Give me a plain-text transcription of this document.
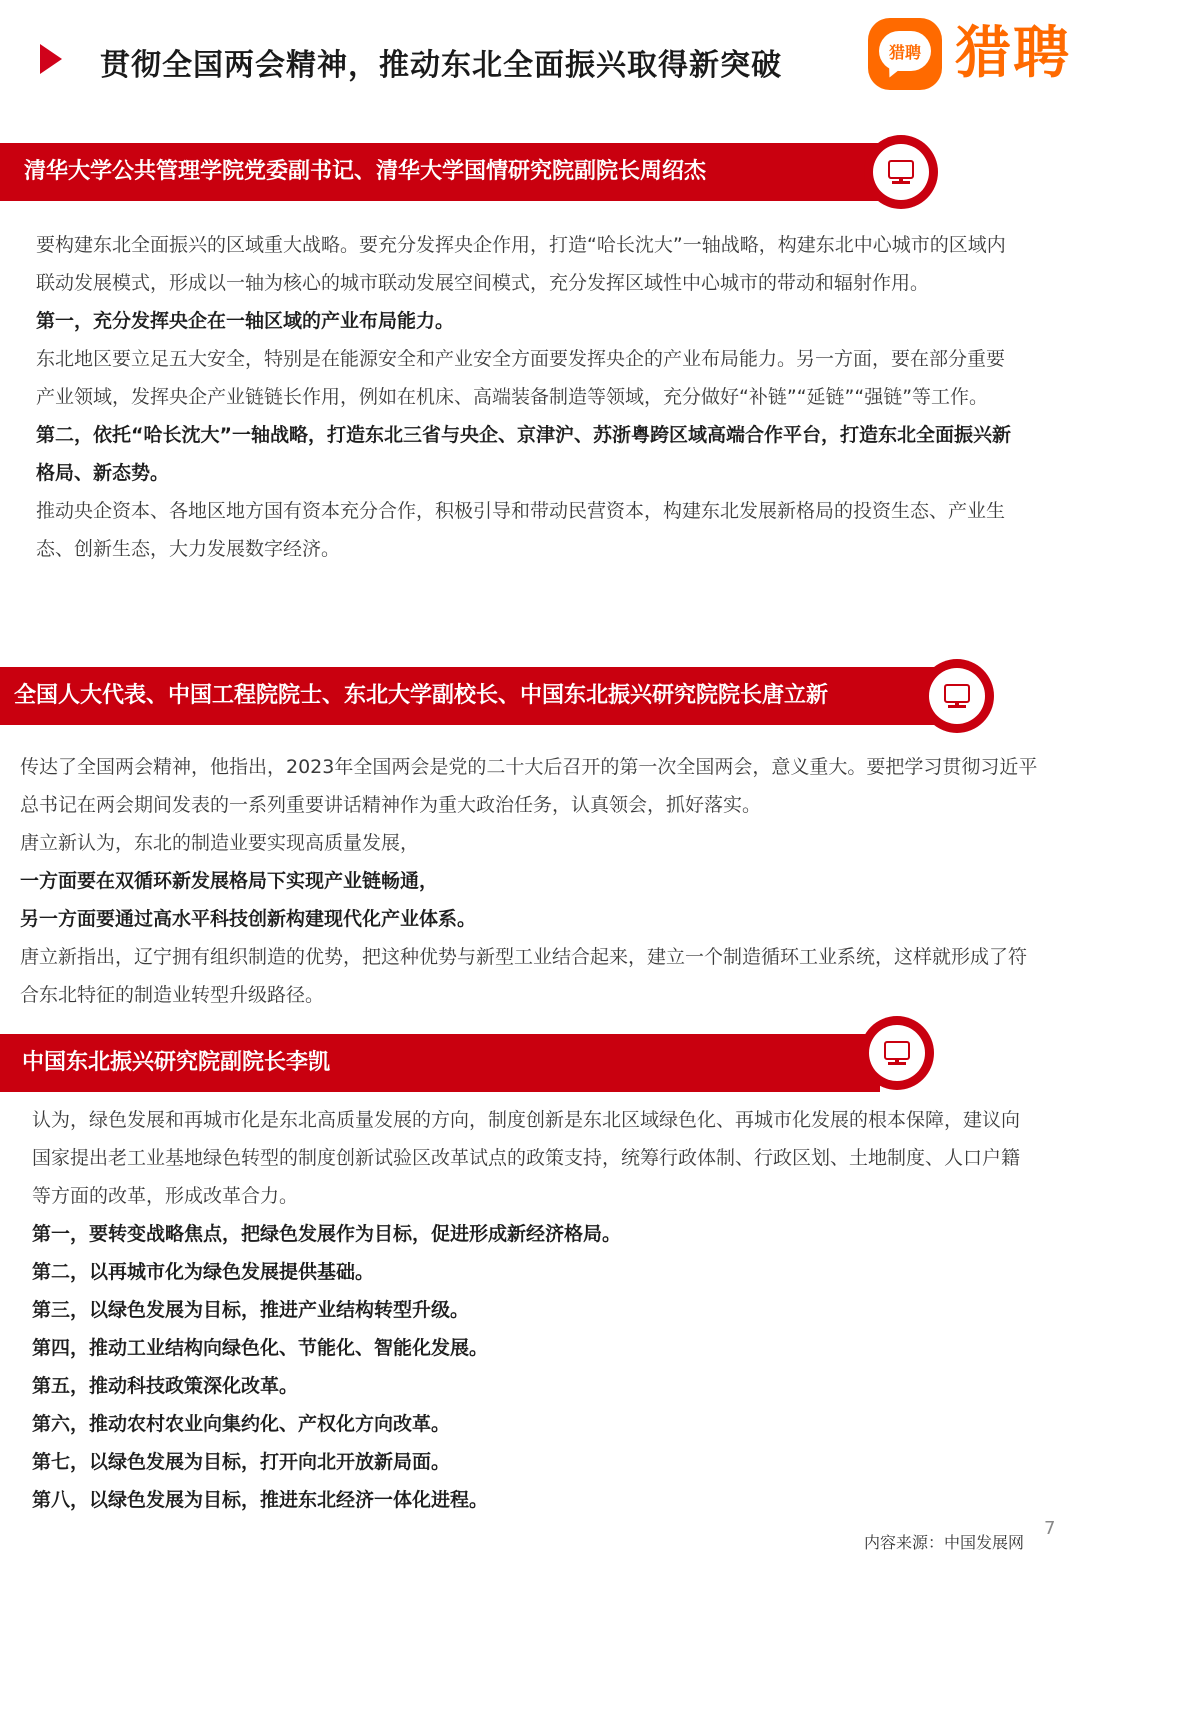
贯彻全国两会精神，推动东北全面振兴取得新突破	猎聘 猎聘
清华大学公共管理学院党委副书记、清华大学国情研究院副院长周绍杰

要构建东北全面振兴的区域重大战略。要充分发挥央企作用，打造“哈长沈大”一轴战略，构建东北中心城市的区域内联动发展模式，形成以一轴为核心的城市联动发展空间模式，充分发挥区域性中心城市的带动和辐射作用。

第一，充分发挥央企在一轴区域的产业布局能力。

东北地区要立足五大安全，特别是在能源安全和产业安全方面要发挥央企的产业布局能力。另一方面，要在部分重要产业领域，发挥央企产业链链长作用，例如在机床、高端装备制造等领域，充分做好“补链”“延链”“强链”等工作。

第二，依托“哈长沈大”一轴战略，打造东北三省与央企、京津沪、苏浙粤跨区域高端合作平台，打造东北全面振兴新格局、新态势。

推动央企资本、各地区地方国有资本充分合作，积极引导和带动民营资本，构建东北发展新格局的投资生态、产业生态、创新生态，大力发展数字经济。

全国人大代表、中国工程院院士、东北大学副校长、中国东北振兴研究院院长唐立新

传达了全国两会精神，他指出，2023年全国两会是党的二十大后召开的第一次全国两会，意义重大。要把学习贯彻习近平总书记在两会期间发表的一系列重要讲话精神作为重大政治任务，认真领会，抓好落实。

唐立新认为，东北的制造业要实现高质量发展，

一方面要在双循环新发展格局下实现产业链畅通，

另一方面要通过高水平科技创新构建现代化产业体系。

唐立新指出，辽宁拥有组织制造的优势，把这种优势与新型工业结合起来，建立一个制造循环工业系统，这样就形成了符合东北特征的制造业转型升级路径。

中国东北振兴研究院副院长李凯

认为，绿色发展和再城市化是东北高质量发展的方向，制度创新是东北区域绿色化、再城市化发展的根本保障，建议向国家提出老工业基地绿色转型的制度创新试验区改革试点的政策支持，统筹行政体制、行政区划、土地制度、人口户籍等方面的改革，形成改革合力。

第一，要转变战略焦点，把绿色发展作为目标，促进形成新经济格局。

第二，以再城市化为绿色发展提供基础。

第三，以绿色发展为目标，推进产业结构转型升级。

第四，推动工业结构向绿色化、节能化、智能化发展。

第五，推动科技政策深化改革。

第六，推动农村农业向集约化、产权化方向改革。

第七，以绿色发展为目标，打开向北开放新局面。

第八，以绿色发展为目标，推进东北经济一体化进程。

内容来源：中国发展网
7
